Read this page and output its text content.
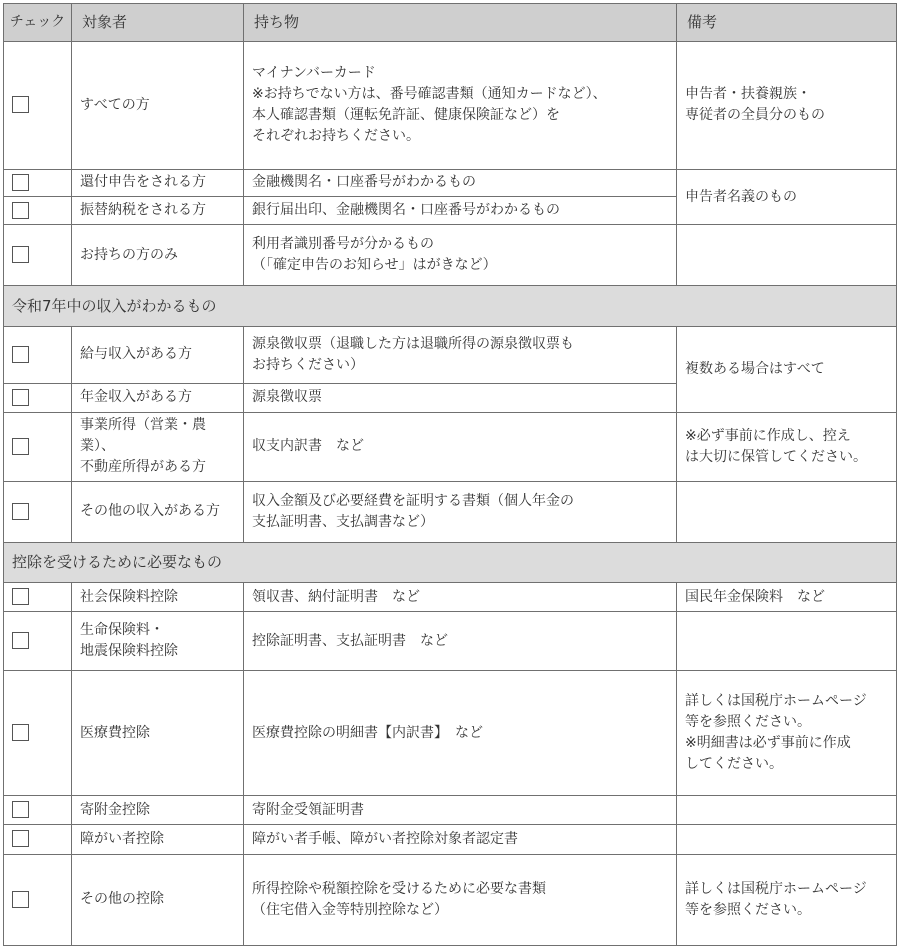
チェック	対象者	持ち物	備考
	すべての方	マイナンバーカード
※お持ちでない方は、番号確認書類（通知カードなど）、
本人確認書類（運転免許証、健康保険証など）を
それぞれお持ちください。	申告者・扶養親族・
専従者の全員分のもの
	還付申告をされる方	金融機関名・口座番号がわかるもの	申告者名義のもの
	振替納税をされる方	銀行届出印、金融機関名・口座番号がわかるもの	
	お持ちの方のみ	利用者識別番号が分かるもの
（「確定申告のお知らせ」はがきなど）	
令和7年中の収入がわかるもの			
	給与収入がある方	源泉徴収票（退職した方は退職所得の源泉徴収票も
お持ちください）	複数ある場合はすべて
	年金収入がある方	源泉徴収票	
	事業所得（営業・農業）、
不動産所得がある方	収支内訳書　など	※必ず事前に作成し、控え
は大切に保管してください。
	その他の収入がある方	収入金額及び必要経費を証明する書類（個人年金の
支払証明書、支払調書など）	
控除を受けるために必要なもの			
	社会保険料控除	領収書、納付証明書　など	国民年金保険料　など
	生命保険料・
地震保険料控除	控除証明書、支払証明書　など	
	医療費控除	医療費控除の明細書【内訳書】　など	詳しくは国税庁ホームページ
等を参照ください。
※明細書は必ず事前に作成
してください。
	寄附金控除	寄附金受領証明書	
	障がい者控除	障がい者手帳、障がい者控除対象者認定書	
	その他の控除	所得控除や税額控除を受けるために必要な書類
（住宅借入金等特別控除など）	詳しくは国税庁ホームページ
等を参照ください。
